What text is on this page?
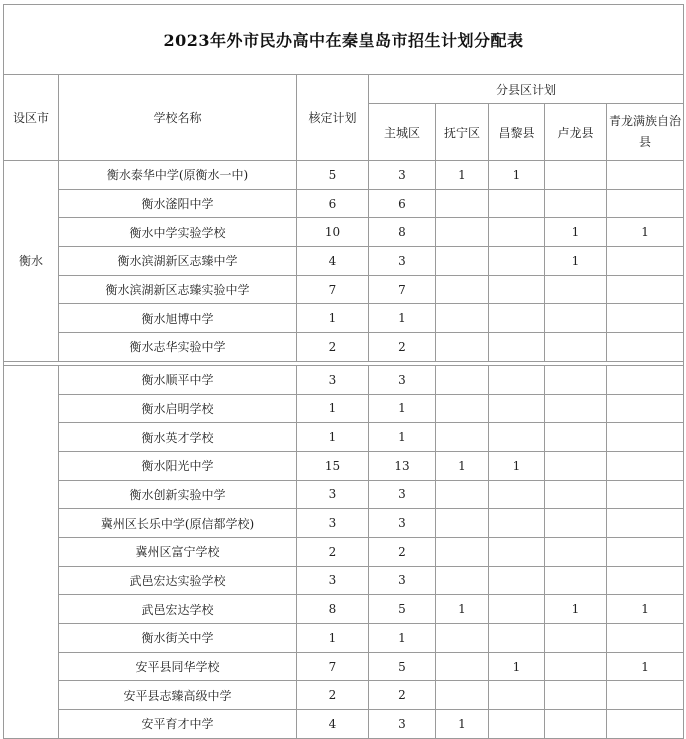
2023年外市民办高中在秦皇岛市招生计划分配表							
设区市	学校名称	核定计划	分县区计划				
			主城区	抚宁区	昌黎县	卢龙县	青龙满族自治县
衡水	衡水泰华中学(原衡水一中)	5	3	1	1		
	衡水滏阳中学	6	6				
	衡水中学实验学校	10	8			1	1
	衡水滨湖新区志臻中学	4	3			1	
	衡水滨湖新区志臻实验中学	7	7				
	衡水旭博中学	1	1				
	衡水志华实验中学	2	2				

	衡水顺平中学	3	3				
	衡水启明学校	1	1				
	衡水英才学校	1	1				
	衡水阳光中学	15	13	1	1		
	衡水创新实验中学	3	3				
	冀州区长乐中学(原信都学校)	3	3				
	冀州区富宁学校	2	2				
	武邑宏达实验学校	3	3				
	武邑宏达学校	8	5	1		1	1
	衡水街关中学	1	1				
	安平县同华学校	7	5		1		1
	安平县志臻高级中学	2	2				
	安平育才中学	4	3	1			
